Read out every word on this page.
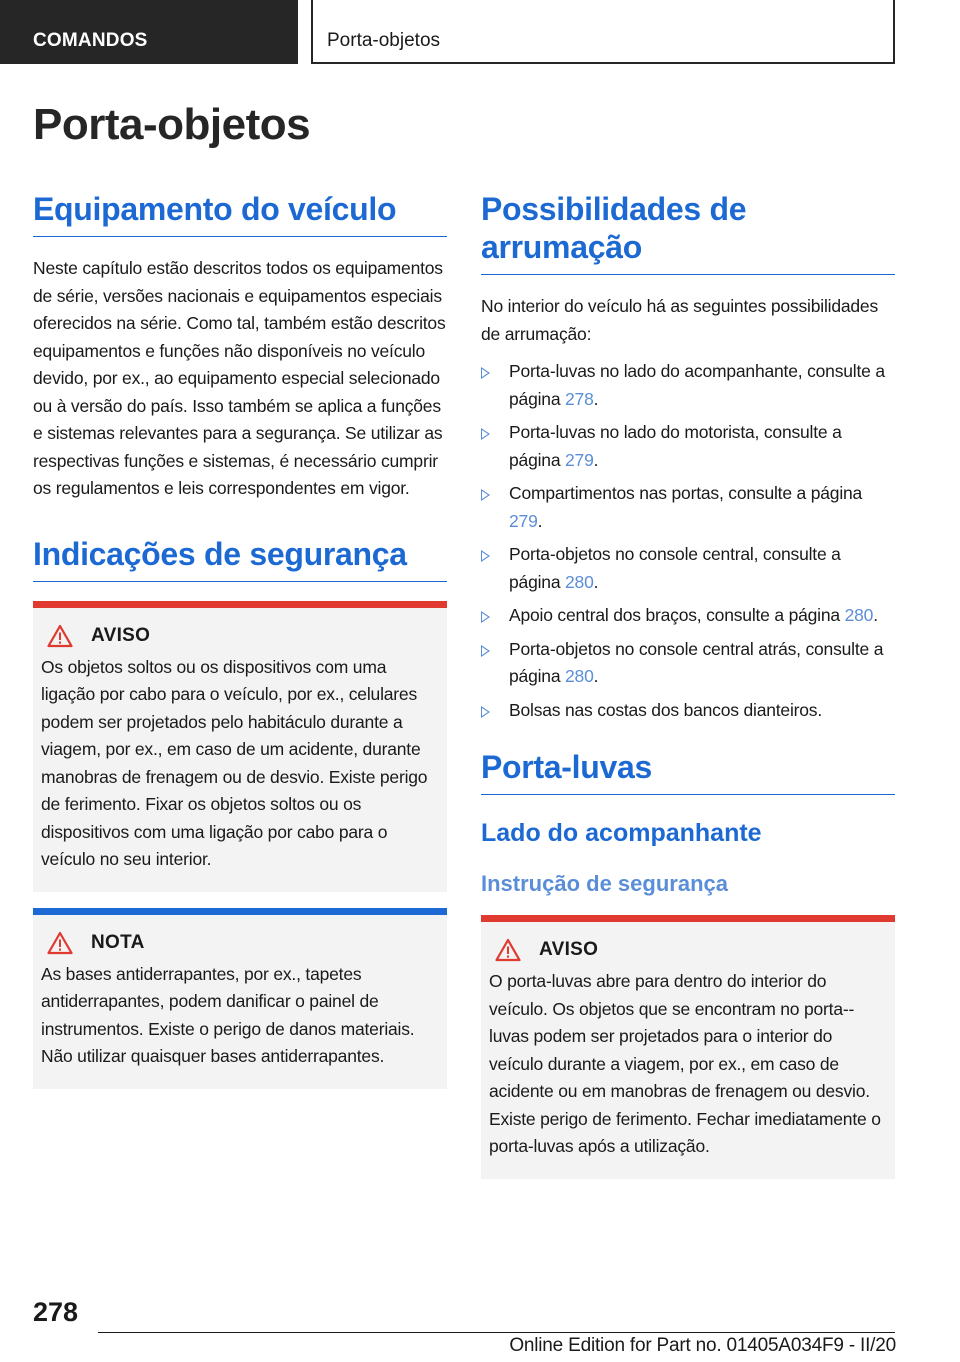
COMANDOS	Porta-objetos
Porta-objetos
Equipamento do veículo

Neste capítulo estão descritos todos os equipamentos de série, versões nacionais e equipamentos especiais oferecidos na série. Como tal, também estão descritos equipamentos e funções não disponíveis no veículo devido, por ex., ao equipamento especial selecionado ou à versão do país. Isso também se aplica a funções e sistemas relevantes para a segurança. Se utilizar as respectivas funções e sistemas, é necessário cumprir os regulamentos e leis correspondentes em vigor.

Indicações de segurança
AVISO

Os objetos soltos ou os dispositivos com uma ligação por cabo para o veículo, por ex., celulares podem ser projetados pelo habitáculo durante a viagem, por ex., em caso de um acidente, durante manobras de frenagem ou de desvio. Existe perigo de ferimento. Fixar os objetos soltos ou os dispositivos com uma ligação por cabo para o veículo no seu interior.

NOTA

As bases antiderrapantes, por ex., tapetes antiderrapantes, podem danificar o painel de instrumentos. Existe o perigo de danos materiais. Não utilizar quaisquer bases antiderrapantes.

Possibilidades de arrumação

No interior do veículo há as seguintes possibilidades de arrumação:

Porta-luvas no lado do acompanhante, consulte a página 278.
Porta-luvas no lado do motorista, consulte a página 279.
Compartimentos nas portas, consulte a página 279.
Porta-objetos no console central, consulte a página 280.
Apoio central dos braços, consulte a página 280.
Porta-objetos no console central atrás, consulte a página 280.
Bolsas nas costas dos bancos dianteiros.
Porta-luvas
Lado do acompanhante
Instrução de segurança
AVISO

O porta-luvas abre para dentro do interior do veículo. Os objetos que se encontram no porta--luvas podem ser projetados para o interior do veículo durante a viagem, por ex., em caso de acidente ou em manobras de frenagem ou desvio. Existe perigo de ferimento. Fechar imediatamente o porta-luvas após a utilização.

278
Online Edition for Part no. 01405A034F9 - II/20
